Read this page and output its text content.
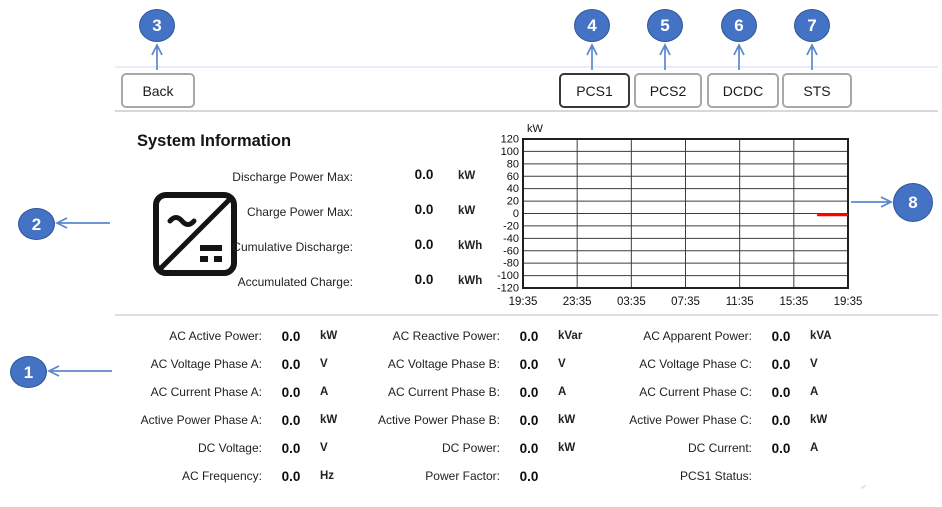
1
2
3	4	5	6	7
8
Back	PCS1	PCS2	DCDC	STS
System Information
Discharge Power Max:	0.0	kW
Charge Power Max:	0.0	kW
Cumulative Discharge:	0.0	kWh
Accumulated Charge:	0.0	kWh
120
100
80
60
40
20
0
-20
-40
-60
-80
-100
-120
19:35 23:35 03:35 07:35 11:35 15:35 19:35
kW
AC Active Power:	0.0	kW
AC Voltage Phase A:	0.0	V
AC Current Phase A:	0.0	A
Active Power Phase A:	0.0	kW
DC Voltage:	0.0	V
AC Frequency:	0.0	Hz
AC Reactive Power:	0.0	kVar
AC Voltage Phase B:	0.0	V
AC Current Phase B:	0.0	A
Active Power Phase B:	0.0	kW
DC Power:	0.0	kW
Power Factor:	0.0
AC Apparent Power:	0.0	kVA
AC Voltage Phase C:	0.0	V
AC Current Phase C:	0.0	A
Active Power Phase C:	0.0	kW
DC Current:	0.0	A
PCS1 Status:
